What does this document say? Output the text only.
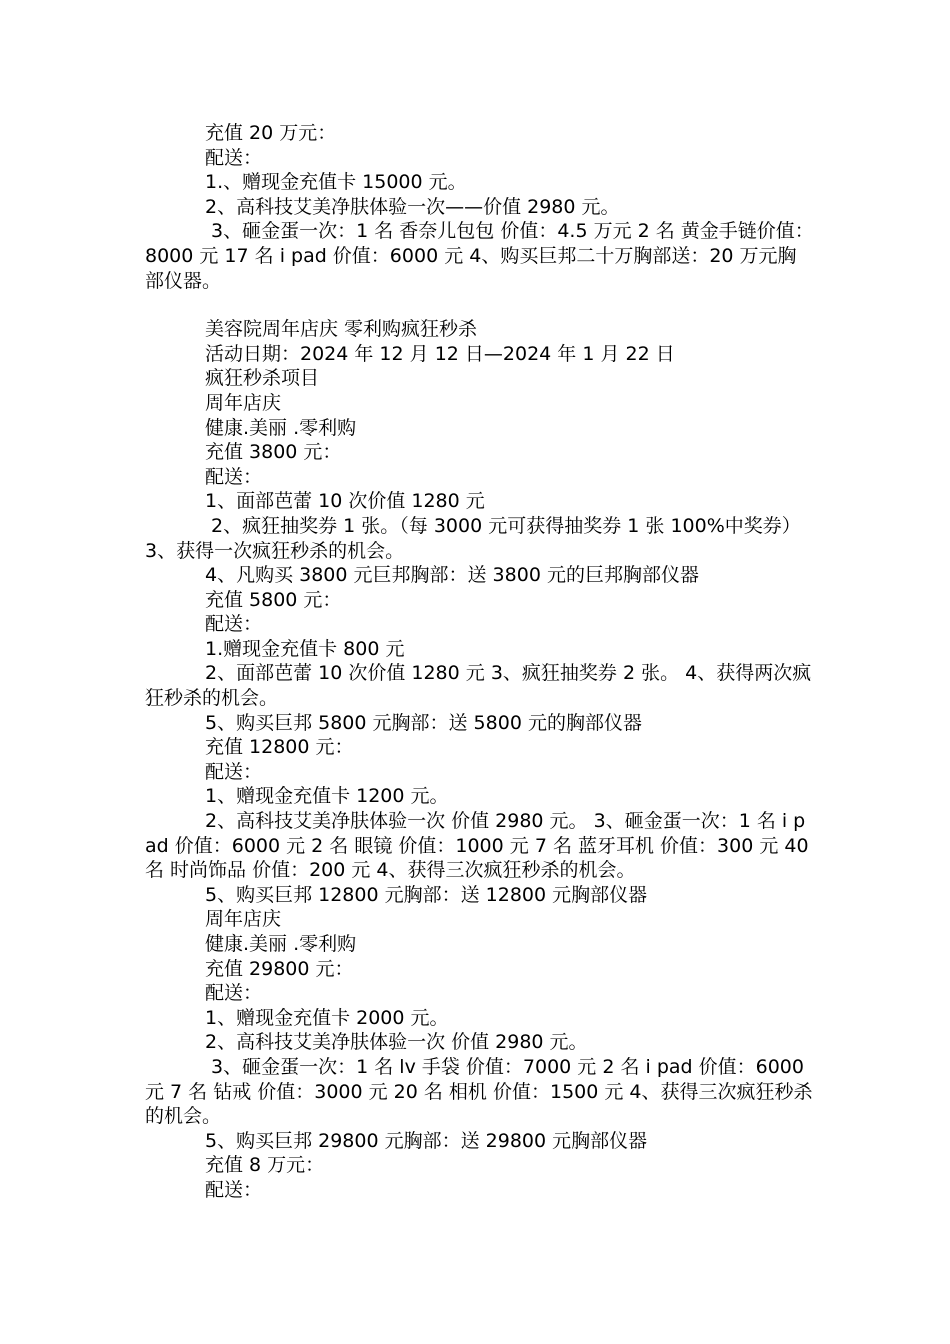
充值 20 万元：

配送：

1.、赠现金充值卡 15000 元。

2、高科技艾美净肤体验一次——价值 2980 元。

3、砸金蛋一次：1 名 香奈儿包包 价值：4.5 万元 2 名 黄金手链价值：8000 元 17 名 i pad 价值：6000 元 4、购买巨邦二十万胸部送：20 万元胸部仪器。

美容院周年店庆 零利购疯狂秒杀

活动日期：2024 年 12 月 12 日—2024 年 1 月 22 日

疯狂秒杀项目

周年店庆

健康.美丽 .零利购

充值 3800 元：

配送：

1、面部芭蕾 10 次价值 1280 元

2、疯狂抽奖券 1 张。（每 3000 元可获得抽奖券 1 张 100%中奖券）3、获得一次疯狂秒杀的机会。

4、凡购买 3800 元巨邦胸部：送 3800 元的巨邦胸部仪器

充值 5800 元：

配送：

1.赠现金充值卡 800 元

2、面部芭蕾 10 次价值 1280 元 3、疯狂抽奖券 2 张。 4、获得两次疯狂秒杀的机会。

5、购买巨邦 5800 元胸部：送 5800 元的胸部仪器

充值 12800 元：

配送：

1、赠现金充值卡 1200 元。

2、高科技艾美净肤体验一次 价值 2980 元。 3、砸金蛋一次：1 名 i pad 价值：6000 元 2 名 眼镜 价值：1000 元 7 名 蓝牙耳机 价值：300 元 40 名 时尚饰品 价值：200 元 4、获得三次疯狂秒杀的机会。

5、购买巨邦 12800 元胸部：送 12800 元胸部仪器

周年店庆

健康.美丽 .零利购

充值 29800 元：

配送：

1、赠现金充值卡 2000 元。

2、高科技艾美净肤体验一次 价值 2980 元。

3、砸金蛋一次：1 名 lv 手袋 价值：7000 元 2 名 i pad 价值：6000 元 7 名 钻戒 价值：3000 元 20 名 相机 价值：1500 元 4、获得三次疯狂秒杀的机会。

5、购买巨邦 29800 元胸部：送 29800 元胸部仪器

充值 8 万元：

配送：
